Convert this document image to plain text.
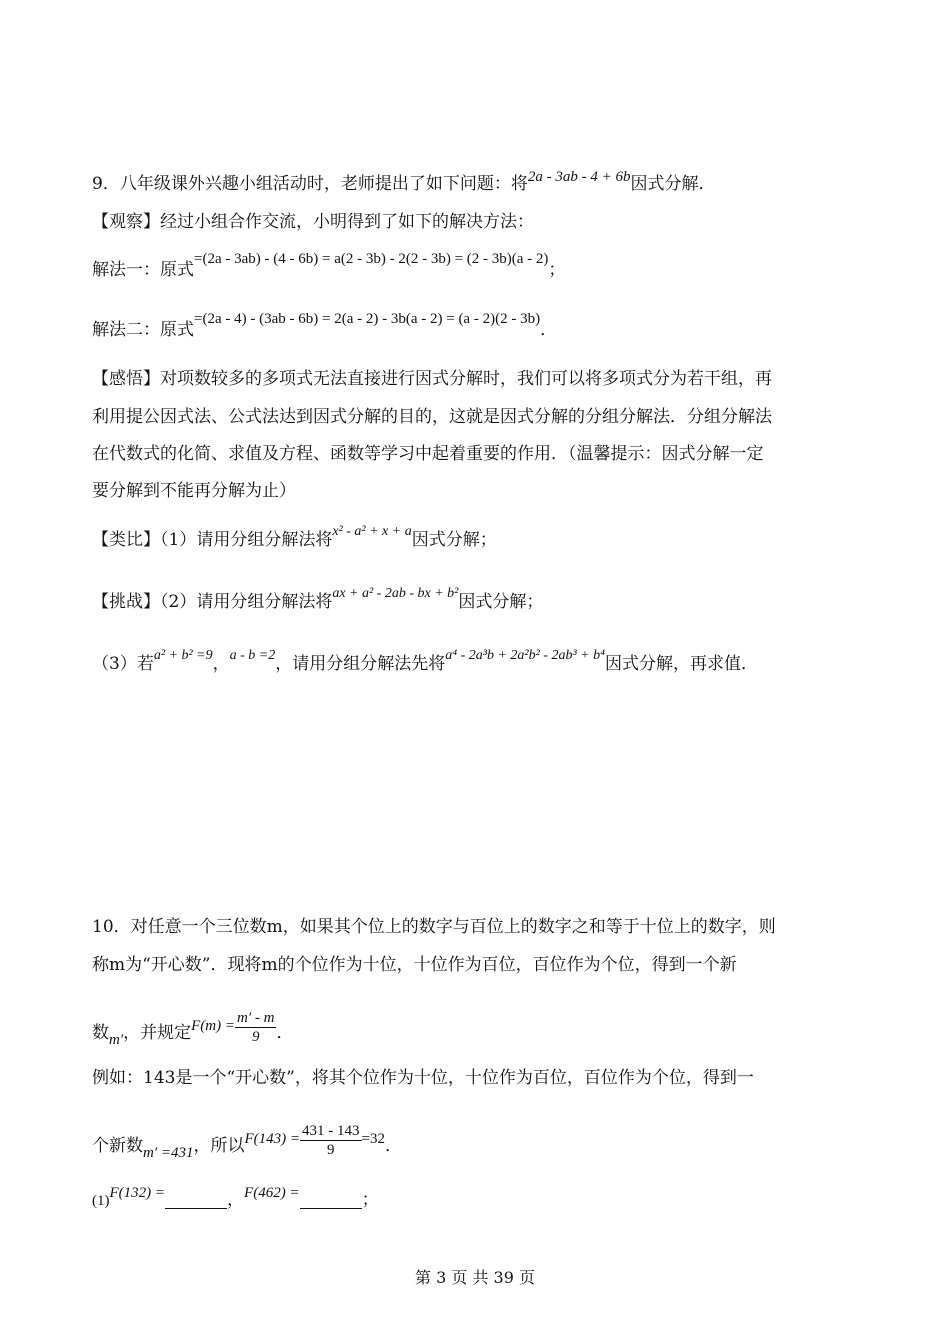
9．八年级课外兴趣小组活动时，老师提出了如下问题：将2a - 3ab - 4 + 6b因式分解．
【观察】经过小组合作交流，小明得到了如下的解决方法：
解法一：原式=(2a - 3ab) - (4 - 6b) = a(2 - 3b) - 2(2 - 3b) = (2 - 3b)(a - 2)；
解法二：原式=(2a - 4) - (3ab - 6b) = 2(a - 2) - 3b(a - 2) = (a - 2)(2 - 3b)．
【感悟】对项数较多的多项式无法直接进行因式分解时，我们可以将多项式分为若干组，再
利用提公因式法、公式法达到因式分解的目的，这就是因式分解的分组分解法．分组分解法
在代数式的化简、求值及方程、函数等学习中起着重要的作用．（温馨提示：因式分解一定
要分解到不能再分解为止）
【类比】（1）请用分组分解法将x² - a² + x + a因式分解；
【挑战】（2）请用分组分解法将ax + a² - 2ab - bx + b²因式分解；
（3）若a² + b² =9，a - b =2，请用分组分解法先将a⁴ - 2a³b + 2a²b² - 2ab³ + b⁴因式分解，再求值．
10．对任意一个三位数m，如果其个位上的数字与百位上的数字之和等于十位上的数字，则
称m为“开心数”．现将m的个位作为十位，十位作为百位，百位作为个位，得到一个新
数m′，并规定$F(m) = \frac{m' - m}{9}$ ．
例如：143是一个“开心数”，将其个位作为十位，十位作为百位，百位作为个位，得到一
个新数m′ =431，所以$F(143) = \frac{431 - 143}{9} =32$．
(1)F(132) =	，F(462) =	；
第 3 页 共 39 页
